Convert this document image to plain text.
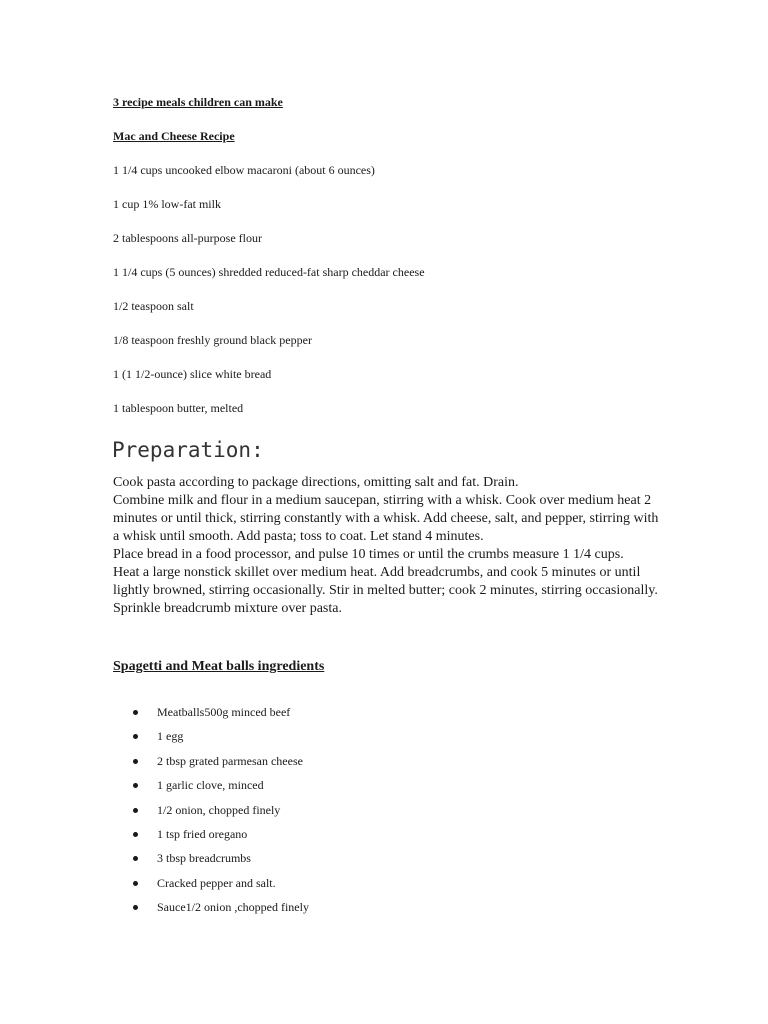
3 recipe meals children can make
Mac and Cheese Recipe
1 1/4 cups uncooked elbow macaroni (about 6 ounces)
1 cup 1% low-fat milk
2 tablespoons all-purpose flour
1 1/4 cups (5 ounces) shredded reduced-fat sharp cheddar cheese
1/2 teaspoon salt
1/8 teaspoon freshly ground black pepper
1 (1 1/2-ounce) slice white bread
1 tablespoon butter, melted
Preparation:

Cook pasta according to package directions, omitting salt and fat. Drain.

Combine milk and flour in a medium saucepan, stirring with a whisk. Cook over medium heat 2 minutes or until thick, stirring constantly with a whisk. Add cheese, salt, and pepper, stirring with a whisk until smooth. Add pasta; toss to coat. Let stand 4 minutes.

Place bread in a food processor, and pulse 10 times or until the crumbs measure 1 1/4 cups.

Heat a large nonstick skillet over medium heat. Add breadcrumbs, and cook 5 minutes or until lightly browned, stirring occasionally. Stir in melted butter; cook 2 minutes, stirring occasionally. Sprinkle breadcrumb mixture over pasta.

Spagetti and Meat balls ingredients
Meatballs500g minced beef
1 egg
2 tbsp grated parmesan cheese
1 garlic clove, minced
1/2 onion, chopped finely
1 tsp fried oregano
3 tbsp breadcrumbs
Cracked pepper and salt.
Sauce1/2 onion ,chopped finely
